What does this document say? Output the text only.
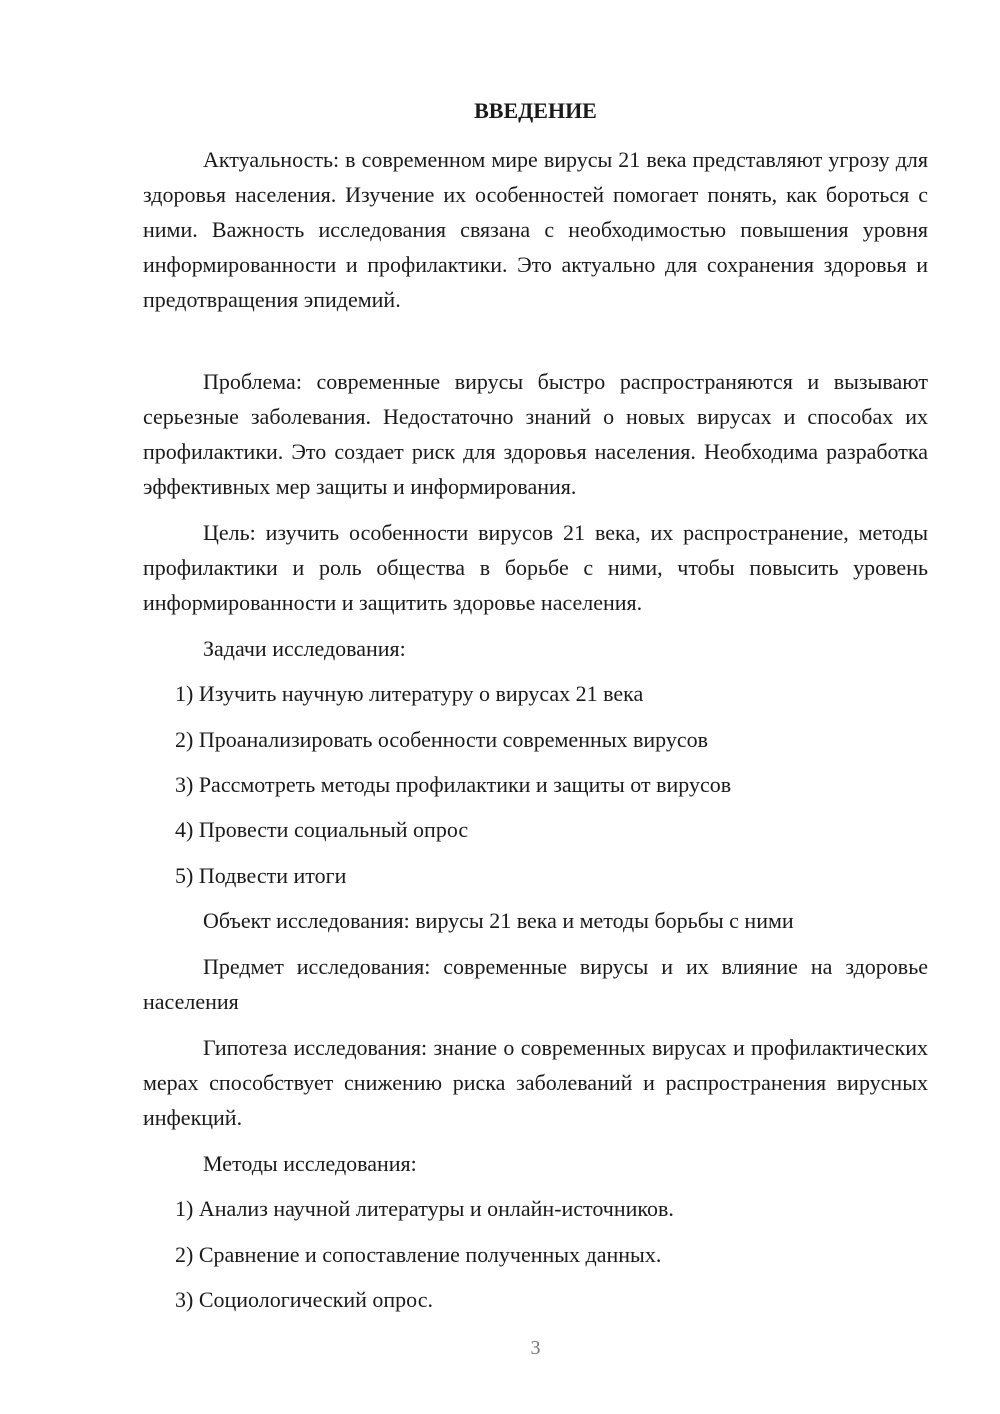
ВВЕДЕНИЕ

Актуальность: в современном мире вирусы 21 века представляют угрозу для здоровья населения. Изучение их особенностей помогает понять, как бороться с ними. Важность исследования связана с необходимостью повышения уровня информированности и профилактики. Это актуально для сохранения здоровья и предотвращения эпидемий.

Проблема: современные вирусы быстро распространяются и вызывают серьезные заболевания. Недостаточно знаний о новых вирусах и способах их профилактики. Это создает риск для здоровья населения. Необходима разработка эффективных мер защиты и информирования.

Цель: изучить особенности вирусов 21 века, их распространение, методы профилактики и роль общества в борьбе с ними, чтобы повысить уровень информированности и защитить здоровье населения.

Задачи исследования:

1) Изучить научную литературу о вирусах 21 века

2) Проанализировать особенности современных вирусов

3) Рассмотреть методы профилактики и защиты от вирусов

4) Провести социальный опрос

5) Подвести итоги

Объект исследования: вирусы 21 века и методы борьбы с ними

Предмет исследования: современные вирусы и их влияние на здоровье населения

Гипотеза исследования: знание о современных вирусах и профилактических мерах способствует снижению риска заболеваний и распространения вирусных инфекций.

Методы исследования:

1) Анализ научной литературы и онлайн-источников.

2) Сравнение и сопоставление полученных данных.

3) Социологический опрос.

3
